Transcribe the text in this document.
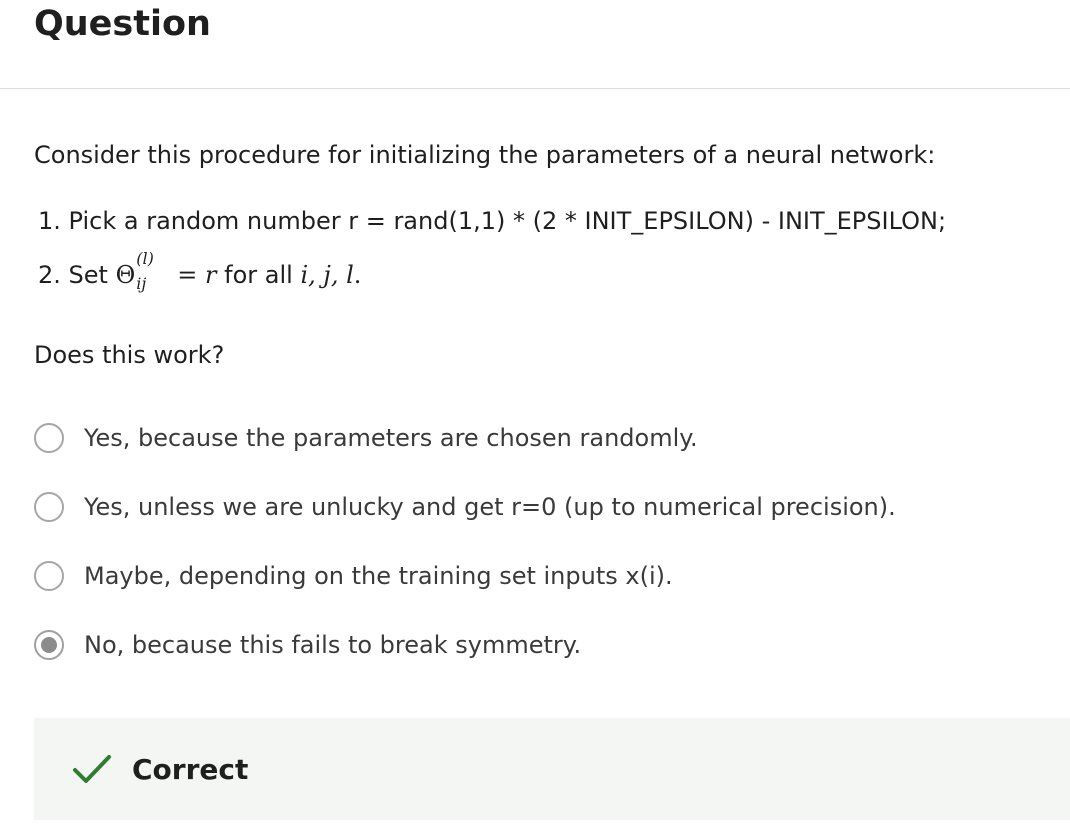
Question

Consider this procedure for initializing the parameters of a neural network:

1. Pick a random number r = rand(1,1) * (2 * INIT_EPSILON) - INIT_EPSILON;

2. Set Θ
(l)
ij = r for all i, j, l.

Does this work?

Yes, because the parameters are chosen randomly.
Yes, unless we are unlucky and get r=0 (up to numerical precision).
Maybe, depending on the training set inputs x(i).
No, because this fails to break symmetry.
Correct
